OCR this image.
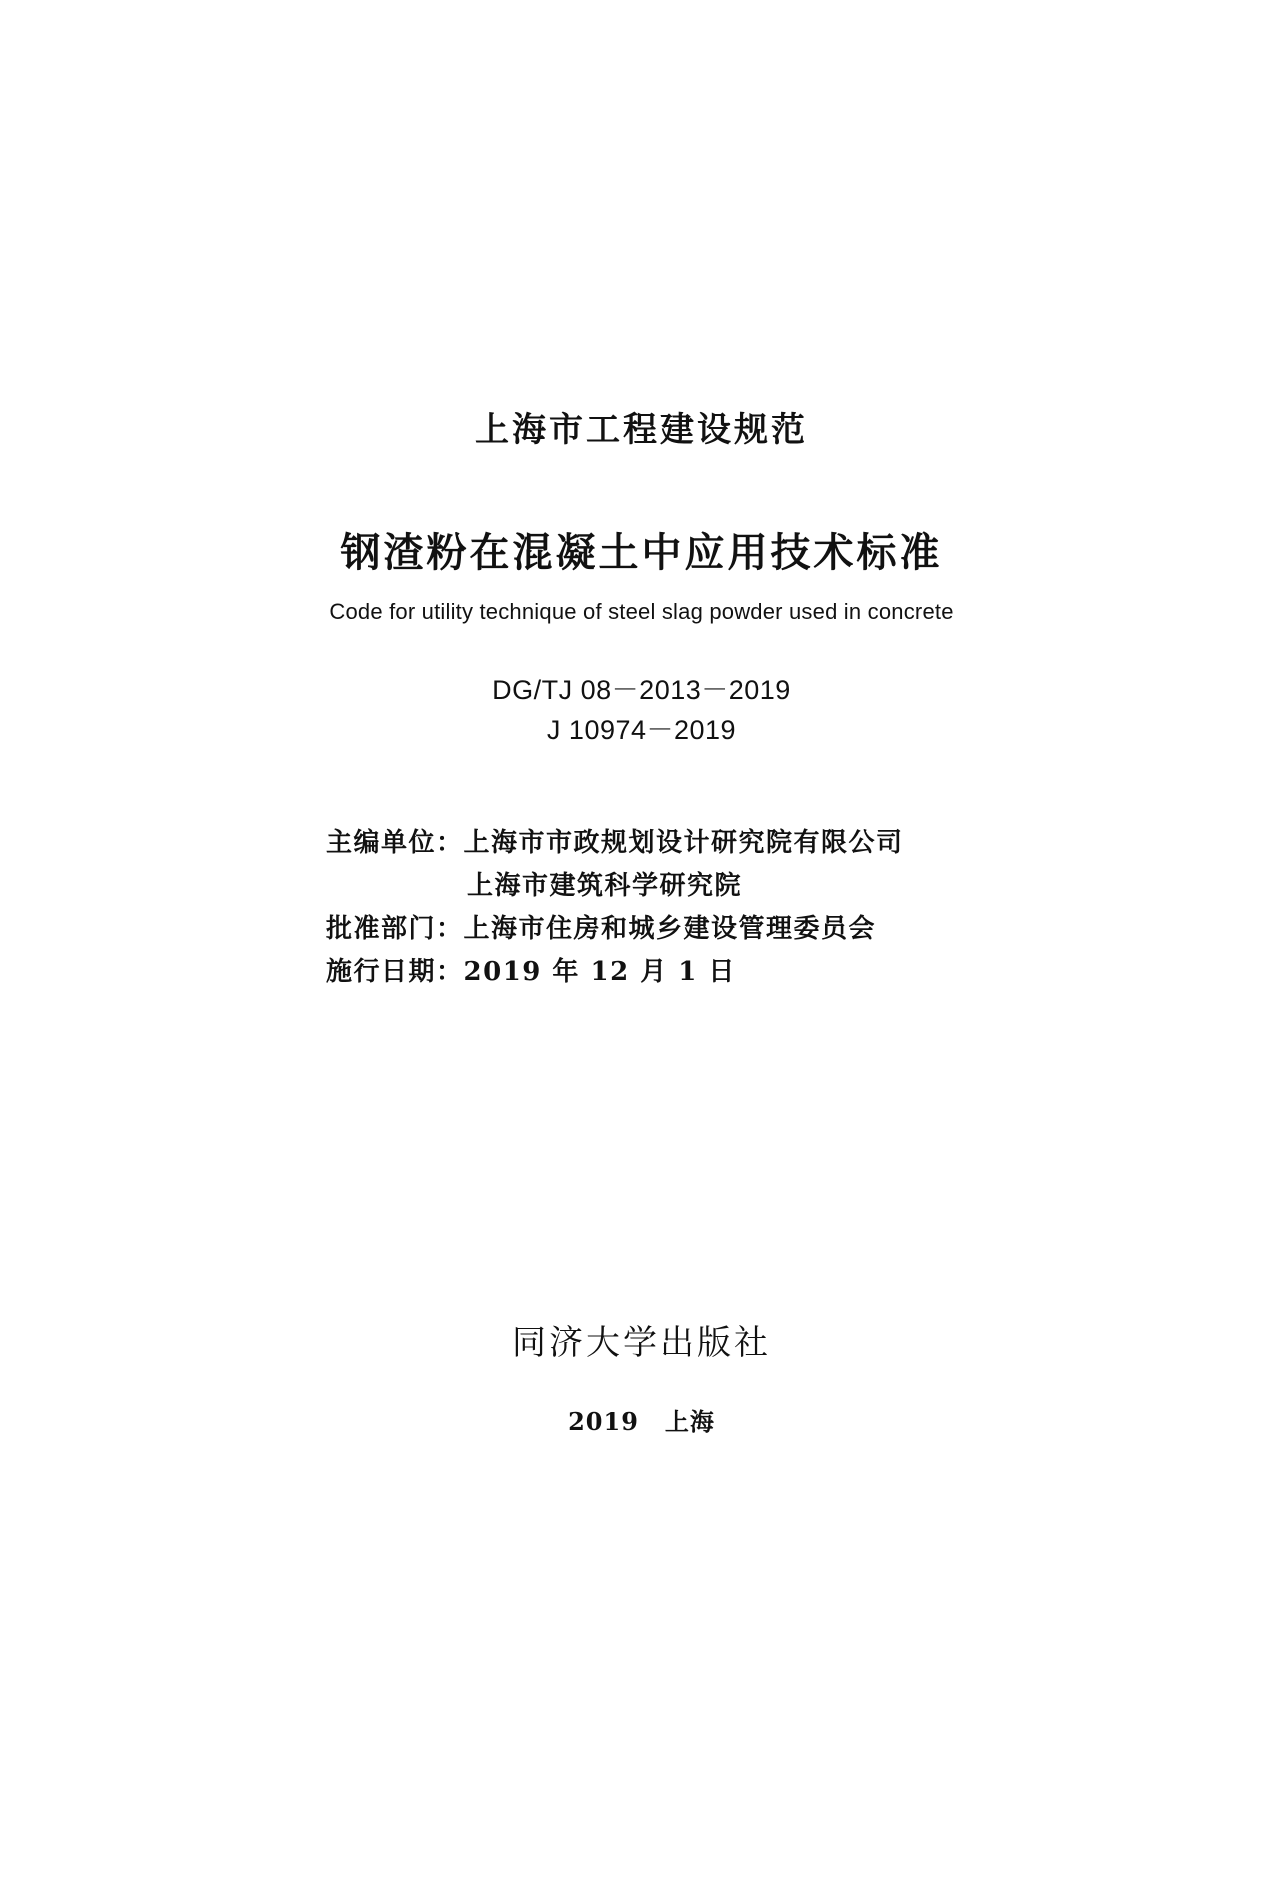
上海市工程建设规范
钢渣粉在混凝土中应用技术标准
Code for utility technique of steel slag powder used in concrete
DG/TJ 08－2013－2019
J 10974－2019
主编单位：上海市市政规划设计研究院有限公司
上海市建筑科学研究院
批准部门：上海市住房和城乡建设管理委员会
施行日期：2019 年 12 月 1 日
同济大学出版社
2019 上海
